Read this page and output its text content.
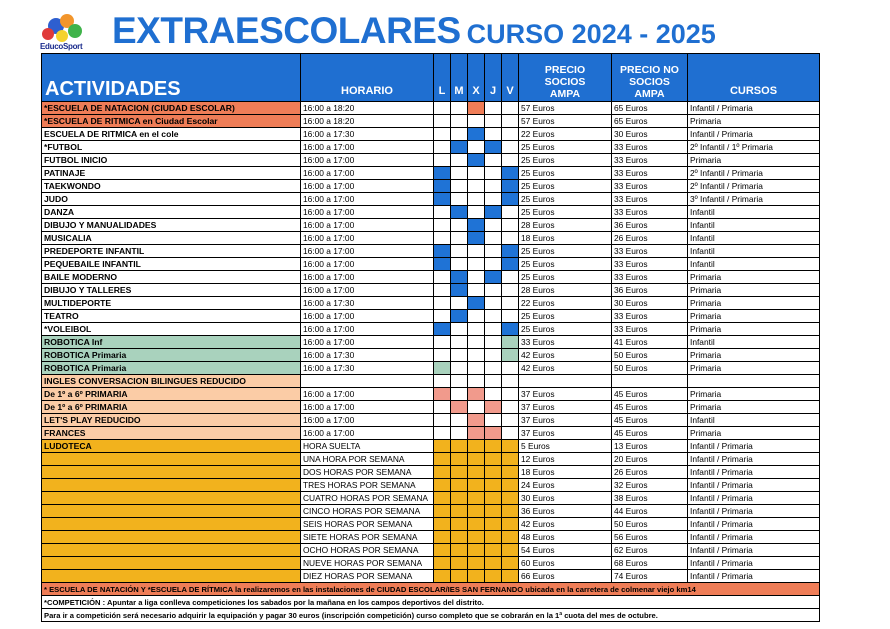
EducoSport EXTRAESCOLARES CURSO 2024 - 2025
ACTIVIDADES	HORARIO	L	M	X	J	V	PRECIO SOCIOS AMPA	PRECIO NO SOCIOS AMPA	CURSOS
*ESCUELA DE NATACION (CIUDAD ESCOLAR)	16:00 a 18:20						57 Euros	65 Euros	Infantil / Primaria
*ESCUELA DE RITMICA en Ciudad Escolar	16:00 a 18:20						57 Euros	65 Euros	Primaria
ESCUELA DE RITMICA en el cole	16:00 a 17:30						22 Euros	30 Euros	Infantil / Primaria
*FUTBOL	16:00 a 17:00						25 Euros	33 Euros	2º Infantil / 1º Primaria
FUTBOL INICIO	16:00 a 17:00						25 Euros	33 Euros	Primaria
PATINAJE	16:00 a 17:00						25 Euros	33 Euros	2º Infantil / Primaria
TAEKWONDO	16:00 a 17:00						25 Euros	33 Euros	2º Infantil / Primaria
JUDO	16:00 a 17:00						25 Euros	33 Euros	3º Infantil / Primaria
DANZA	16:00 a 17:00						25 Euros	33 Euros	Infantil
DIBUJO Y MANUALIDADES	16:00 a 17:00						28 Euros	36 Euros	Infantil
MUSICALIA	16:00 a 17:00						18 Euros	26 Euros	Infantil
PREDEPORTE INFANTIL	16:00 a 17:00						25 Euros	33 Euros	Infantil
PEQUEBAILE INFANTIL	16:00 a 17:00						25 Euros	33 Euros	Infantil
BAILE MODERNO	16:00 a 17:00						25 Euros	33 Euros	Primaria
DIBUJO Y TALLERES	16:00 a 17:00						28 Euros	36 Euros	Primaria
MULTIDEPORTE	16:00 a 17:30						22 Euros	30 Euros	Primaria
TEATRO	16:00 a 17:00						25 Euros	33 Euros	Primaria
*VOLEIBOL	16:00 a 17:00						25 Euros	33 Euros	Primaria
ROBOTICA Inf	16:00 a 17:00						33 Euros	41 Euros	Infantil
ROBOTICA Primaria	16:00 a 17:30						42 Euros	50 Euros	Primaria
ROBOTICA Primaria	16:00 a 17:30						42 Euros	50 Euros	Primaria
INGLES CONVERSACION BILINGUES REDUCIDO									
De 1º a 6º PRIMARIA	16:00 a 17:00						37 Euros	45 Euros	Primaria
De 1º a 6º PRIMARIA	16:00 a 17:00						37 Euros	45 Euros	Primaria
LET'S PLAY REDUCIDO	16:00 a 17:00						37 Euros	45 Euros	Infantil
FRANCES	16:00 a 17:00						37 Euros	45 Euros	Primaria
LUDOTECA	HORA SUELTA						5 Euros	13 Euros	Infantil / Primaria
	UNA HORA POR SEMANA						12 Euros	20 Euros	Infantil / Primaria
	DOS HORAS POR SEMANA						18 Euros	26 Euros	Infantil / Primaria
	TRES HORAS POR SEMANA						24 Euros	32 Euros	Infantil / Primaria
	CUATRO HORAS POR SEMANA						30 Euros	38 Euros	Infantil / Primaria
	CINCO HORAS POR SEMANA						36 Euros	44 Euros	Infantil / Primaria
	SEIS HORAS POR SEMANA						42 Euros	50 Euros	Infantil / Primaria
	SIETE HORAS POR SEMANA						48 Euros	56 Euros	Infantil / Primaria
	OCHO HORAS POR SEMANA						54 Euros	62 Euros	Infantil / Primaria
	NUEVE HORAS POR SEMANA						60 Euros	68 Euros	Infantil / Primaria
	DIEZ HORAS POR SEMANA						66 Euros	74 Euros	Infantil / Primaria
* ESCUELA DE NATACIÓN Y *ESCUELA DE RÍTMICA la realizaremos en las instalaciones de CIUDAD ESCOLAR/IES SAN FERNANDO ubicada en la carretera de colmenar viejo km14									
*COMPETICIÓN : Apuntar a liga conlleva competiciones los sabados por la mañana en los campos deportivos del distrito.									
Para ir a competición será necesario adquirir la equipación y pagar 30 euros (inscripción competición) curso completo que se cobrarán en la 1ª cuota del mes de octubre.									
